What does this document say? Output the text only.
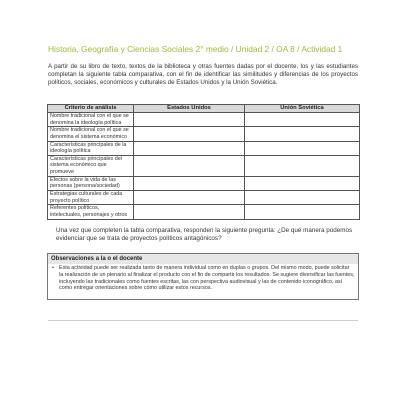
Historia, Geografía y Ciencias Sociales 2° medio / Unidad 2 / OA 8 / Actividad 1
A partir de su libro de texto, textos de la biblioteca y otras fuentes dadas por el docente, los y las estudiantes completan la siguiente tabla comparativa, con el fin de identificar las similitudes y diferencias de los proyectos políticos, sociales, económicos y culturales de Estados Unidos y la Unión Soviética.
Criterio de análisis	Estados Unidos	Unión Soviética
Nombre tradicional con el que se denomina la ideología política		
Nombre tradicional con el que se denomina el sistema económico		
Características principales de la ideología política		
Características principales del sistema económico que promueve		
Efectos sobre la vida de las personas (persona/sociedad)		
Estrategias culturales de cada proyecto político		
Referentes políticos, intelectuales, personajes y otros		
Una vez que completen la tabla comparativa, responden la siguiente pregunta: ¿De qué manera podemos evidenciar que se trata de proyectos políticos antagónicos?
Observaciones a la o el docente
• Esta actividad puede ser realizada tanto de manera individual como en duplas o grupos. Del mismo modo, puede solicitar la realización de un plenario al finalizar el producto con el fin de compartir los resultados. Se sugiere diversificar las fuentes, incluyendo las tradicionales como fuentes escritas, las con perspectiva audiovisual y las de contenido iconográfico, así como entregar orientaciones sobre cómo utilizar estos recursos.
